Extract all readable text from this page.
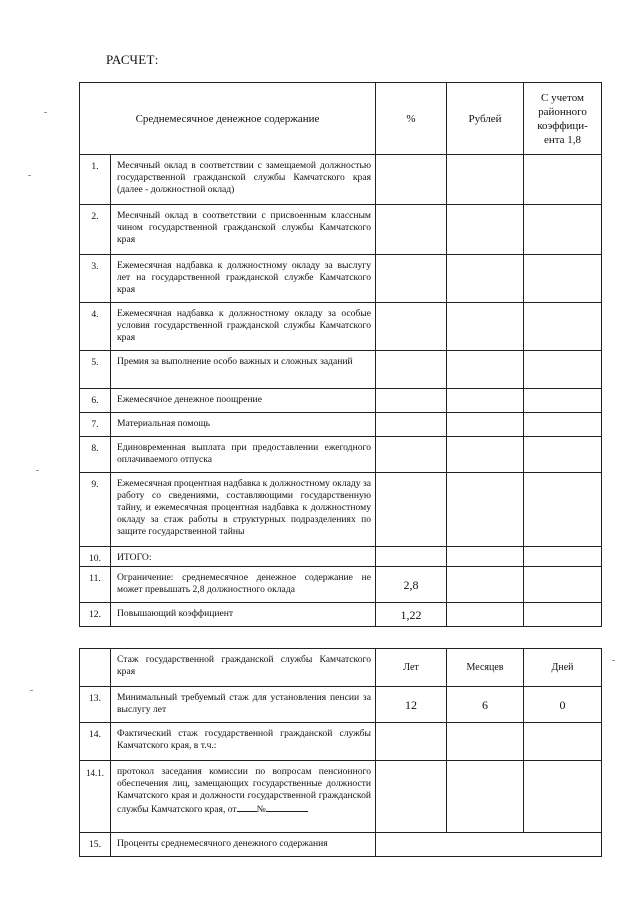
РАСЧЕТ:
Среднемесячное денежное содержание		%	Рублей	С учетом
районного
коэффици-
ента 1,8
1.	Месячный оклад в соответствии с замещаемой должностью государственной гражданской службы Камчатского края (далее - должностной оклад)			
2.	Месячный оклад в соответствии с присвоенным классным чином государственной гражданской службы Камчатского края			
3.	Ежемесячная надбавка к должностному окладу за выслугу лет на государственной гражданской службе Камчатского края			
4.	Ежемесячная надбавка к должностному окладу за особые условия государственной гражданской службы Камчатского края			
5.	Премия за выполнение особо важных и сложных заданий			
6.	Ежемесячное денежное поощрение			
7.	Материальная помощь			
8.	Единовременная выплата при предоставлении ежегодного оплачиваемого отпуска			
9.	Ежемесячная процентная надбавка к должностному окладу за работу со сведениями, составляющими государственную тайну, и ежемесячная процентная надбавка к должностному окладу за стаж работы в структурных подразделениях по защите государственной тайны			
10.	ИТОГО:			
11.	Ограничение: среднемесячное денежное содержание не может превышать 2,8 должностного оклада	2,8		
12.	Повышающий коэффициент	1,22		

	Стаж государственной гражданской службы Камчатского края	Лет	Месяцев	Дней
13.	Минимальный требуемый стаж для установления пенсии за выслугу лет	12	6	0
14.	Фактический стаж государственной гражданской службы Камчатского края, в т.ч.:			
14.1.	протокол заседания комиссии по вопросам пенсионного обеспечения лиц, замещающих государственные должности Камчатского края и должности государственной гражданской службы Камчатского края, от №			
15.	Проценты среднемесячного денежного содержания			
